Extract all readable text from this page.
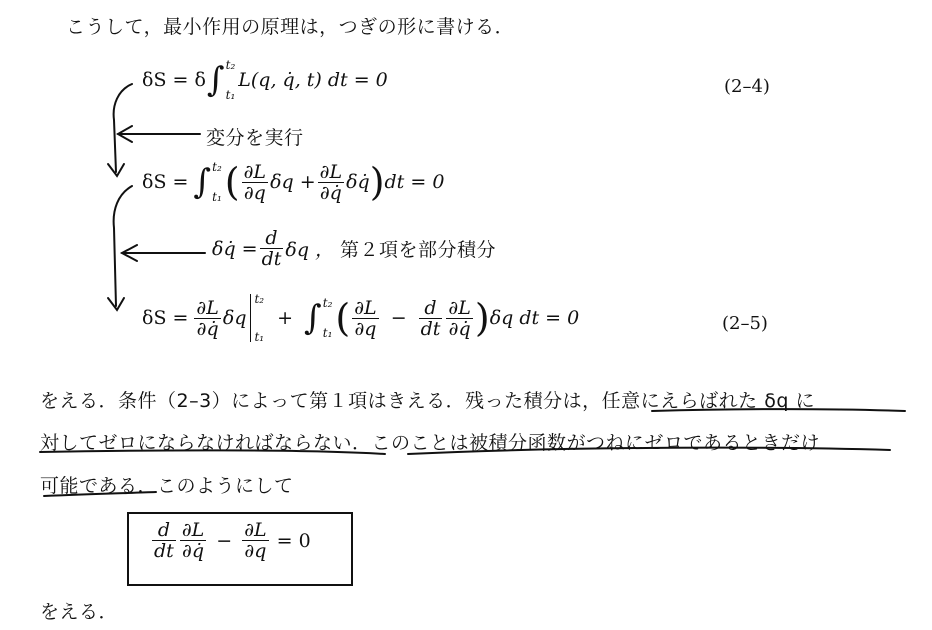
こうして，最小作用の原理は，つぎの形に書ける．
δS = δ ∫ t₂
t₁
L(q, q̇, t) dt = 0	(2–4)
変分を実行
δS = ∫ t₂
t₁ ( $\frac{\partial L}{\partial q}$ $\delta q + \frac{\partial L}{\partial q̇}$ δq̇ ) dt = 0
δq̇ = $\frac{d}{dt}$ δq ， 第２項を部分積分
$\delta S = \frac{\partial L}{\partial q̇}$ δq
t₂
t₁
+ ∫ t₂
t₁ ( $\frac{\partial L}{\partial q} - \frac{d}{dt} \frac{\partial L}{\partial q̇}$ ) δq dt = 0	(2–5)
をえる．条件（2–3）によって第１項はきえる．残った積分は，任意にえらばれた δq に
対してゼロにならなければならない．このことは被積分函数がつねにゼロであるときだけ
可能である．このようにして
$\frac{d}{dt} \frac{\partial L}{\partial q̇} - \frac{\partial L}{\partial q} = 0$
をえる．
